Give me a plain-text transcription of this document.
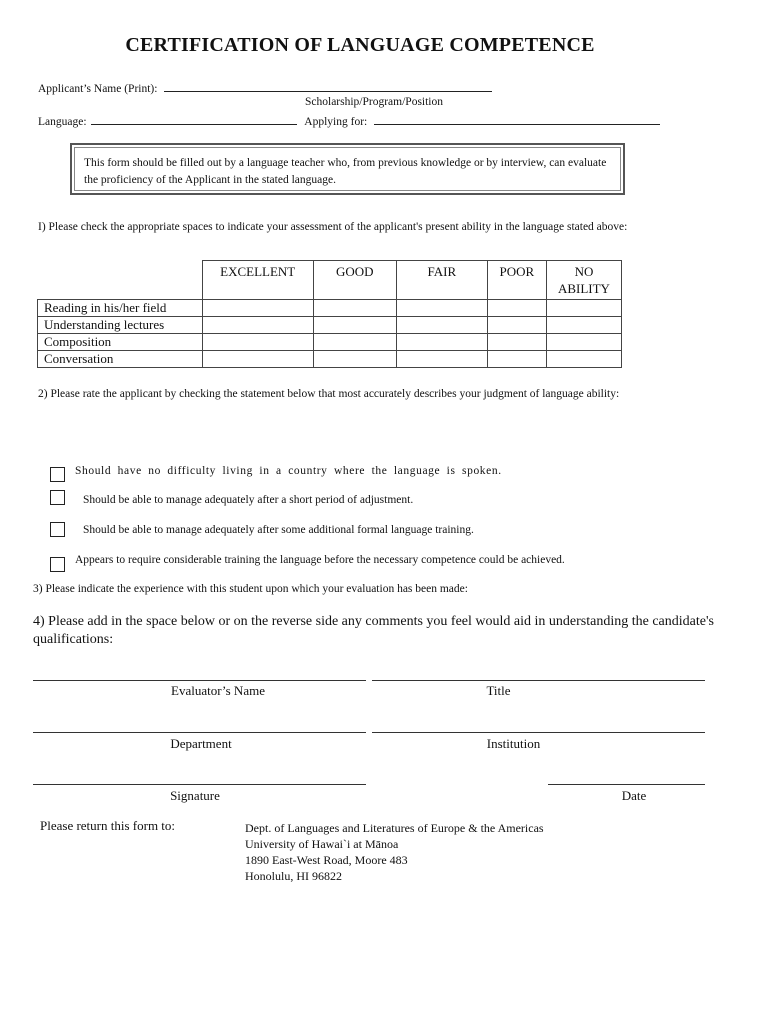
CERTIFICATION OF LANGUAGE COMPETENCE
Applicant’s Name (Print):
Scholarship/Program/Position
Language:	Applying for:
This form should be filled out by a language teacher who, from previous knowledge or by interview, can evaluate the proficiency of the Applicant in the stated language.
I) Please check the appropriate spaces to indicate your assessment of the applicant's present ability in the language stated above:
	EXCELLENT	GOOD	FAIR	POOR	NO ABILITY
Reading in his/her field					
Understanding lectures					
Composition					
Conversation					
2) Please rate the applicant by checking the statement below that most accurately describes your judgment of language ability:
Should have no difficulty living in a country where the language is spoken.
Should be able to manage adequately after a short period of adjustment.
Should be able to manage adequately after some additional formal language training.
Appears to require considerable training the language before the necessary competence could be achieved.
3) Please indicate the experience with this student upon which your evaluation has been made:
4) Please add in the space below or on the reverse side any comments you feel would aid in understanding the candidate's qualifications:
Evaluator’s Name	Title
Department	Institution
Signature	Date
Please return this form to:	Dept. of Languages and Literatures of Europe & the Americas
University of Hawai`i at Mānoa
1890 East-West Road, Moore 483
Honolulu, HI 96822
